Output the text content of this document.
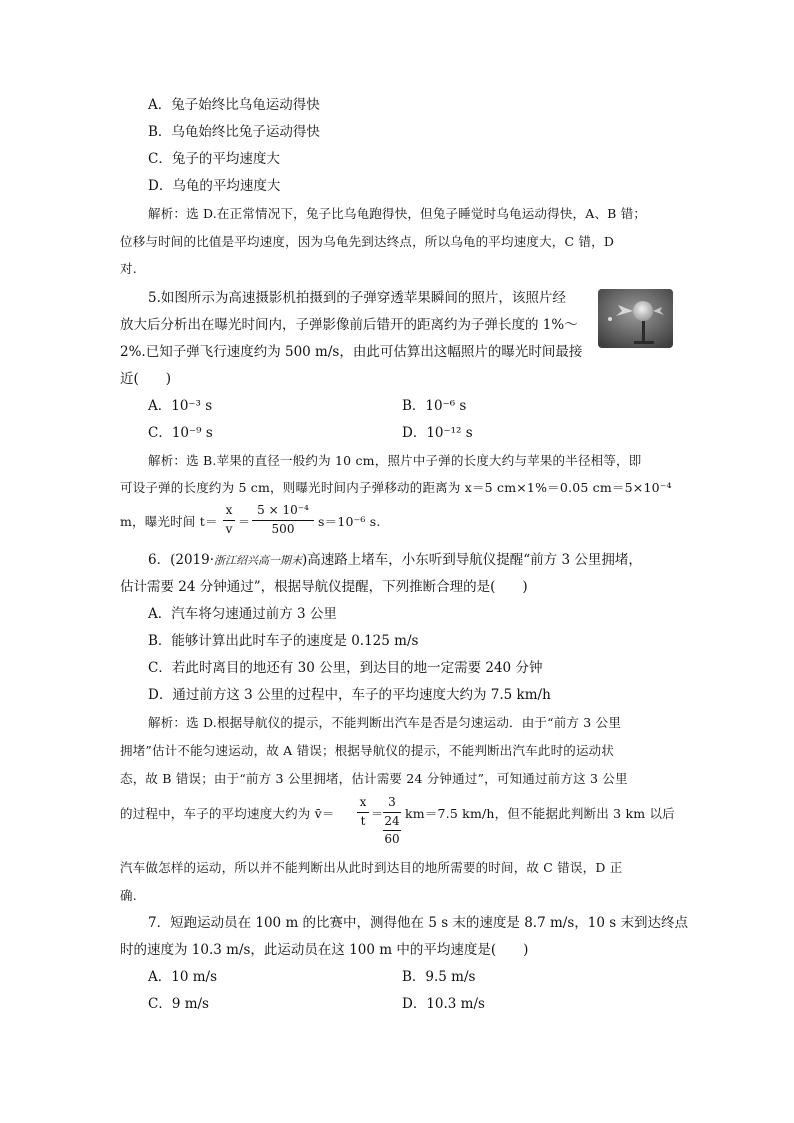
A．兔子始终比乌龟运动得快
B．乌龟始终比兔子运动得快
C．兔子的平均速度大
D．乌龟的平均速度大
解析：选 D.在正常情况下，兔子比乌龟跑得快，但兔子睡觉时乌龟运动得快，A、B 错；
位移与时间的比值是平均速度，因为乌龟先到达终点，所以乌龟的平均速度大，C 错，D
对.
5.如图所示为高速摄影机拍摄到的子弹穿透苹果瞬间的照片，该照片经
放大后分析出在曝光时间内，子弹影像前后错开的距离约为子弹长度的 1%～
2%.已知子弹飞行速度约为 500 m/s，由此可估算出这幅照片的曝光时间最接
近(　　)
A．10⁻³ s	B．10⁻⁶ s
C．10⁻⁹ s	D．10⁻¹² s
解析：选 B.苹果的直径一般约为 10 cm，照片中子弹的长度大约与苹果的半径相等，即
可设子弹的长度约为 5 cm，则曝光时间内子弹移动的距离为 x＝5 cm×1%＝0.05 cm＝5×10⁻⁴
m，曝光时间 t＝
x
v ＝
5 × 10⁻⁴
500	s＝10⁻⁶ s.
6．(2019·浙江绍兴高一期末)高速路上堵车，小东听到导航仪提醒“前方 3 公里拥堵，
估计需要 24 分钟通过”，根据导航仪提醒，下列推断合理的是(　　)
A．汽车将匀速通过前方 3 公里
B．能够计算出此时车子的速度是 0.125 m/s
C．若此时离目的地还有 30 公里，到达目的地一定需要 240 分钟
D．通过前方这 3 公里的过程中，车子的平均速度大约为 7.5 km/h
解析：选 D.根据导航仪的提示，不能判断出汽车是否是匀速运动．由于“前方 3 公里
拥堵”估计不能匀速运动，故 A 错误；根据导航仪的提示，不能判断出汽车此时的运动状
态，故 B 错误；由于“前方 3 公里拥堵，估计需要 24 分钟通过”，可知通过前方这 3 公里
的过程中，车子的平均速度大约为 v̄＝
x
t ＝
3
24
60
km＝7.5 km/h，但不能据此判断出 3 km 以后
汽车做怎样的运动，所以并不能判断出从此时到达目的地所需要的时间，故 C 错误，D 正
确.
7．短跑运动员在 100 m 的比赛中，测得他在 5 s 末的速度是 8.7 m/s，10 s 末到达终点
时的速度为 10.3 m/s，此运动员在这 100 m 中的平均速度是(　　)
A．10 m/s	B．9.5 m/s
C．9 m/s	D．10.3 m/s
